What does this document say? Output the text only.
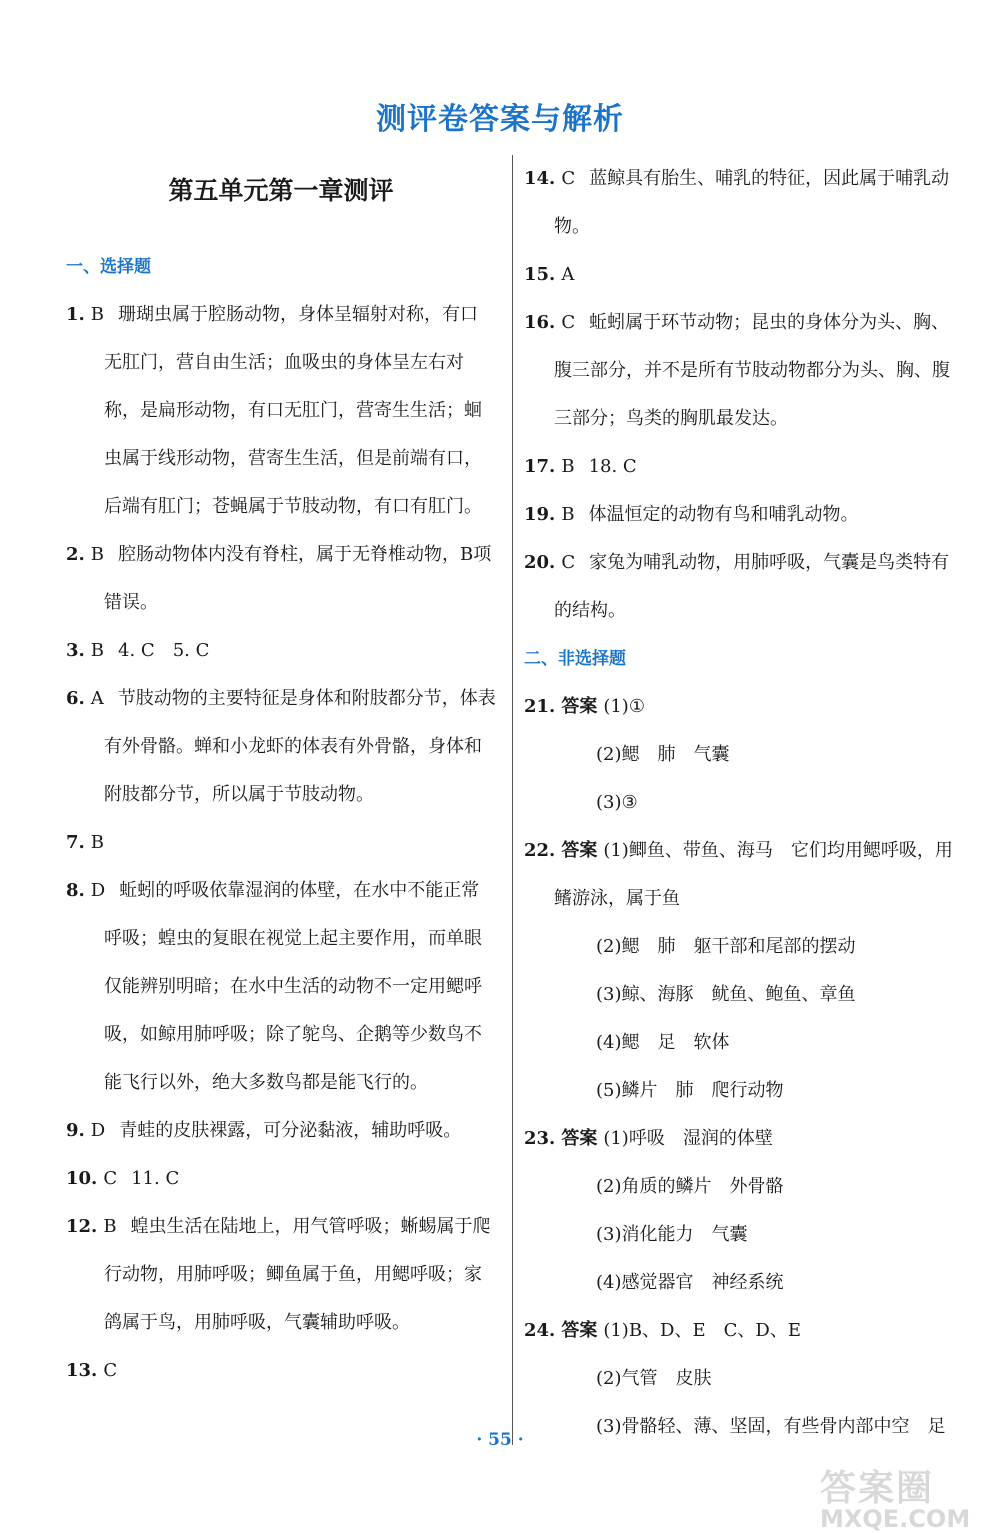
测评卷答案与解析
第五单元第一章测评
一、选择题
1. B 珊瑚虫属于腔肠动物，身体呈辐射对称，有口无肛门，营自由生活；血吸虫的身体呈左右对称，是扁形动物，有口无肛门，营寄生生活；蛔虫属于线形动物，营寄生生活，但是前端有口，后端有肛门；苍蝇属于节肢动物，有口有肛门。
2. B 腔肠动物体内没有脊柱，属于无脊椎动物，B项错误。
3. B 4. C　5. C
6. A 节肢动物的主要特征是身体和附肢都分节，体表有外骨骼。蝉和小龙虾的体表有外骨骼，身体和附肢都分节，所以属于节肢动物。
7. B
8. D 蚯蚓的呼吸依靠湿润的体壁，在水中不能正常呼吸；蝗虫的复眼在视觉上起主要作用，而单眼仅能辨别明暗；在水中生活的动物不一定用鳃呼吸，如鲸用肺呼吸；除了鸵鸟、企鹅等少数鸟不能飞行以外，绝大多数鸟都是能飞行的。
9. D 青蛙的皮肤裸露，可分泌黏液，辅助呼吸。
10. C 11. C
12. B 蝗虫生活在陆地上，用气管呼吸；蜥蜴属于爬行动物，用肺呼吸；鲫鱼属于鱼，用鳃呼吸；家鸽属于鸟，用肺呼吸，气囊辅助呼吸。
13. C
14. C 蓝鲸具有胎生、哺乳的特征，因此属于哺乳动物。
15. A
16. C 蚯蚓属于环节动物；昆虫的身体分为头、胸、腹三部分，并不是所有节肢动物都分为头、胸、腹三部分；鸟类的胸肌最发达。
17. B 18. C
19. B 体温恒定的动物有鸟和哺乳动物。
20. C 家兔为哺乳动物，用肺呼吸，气囊是鸟类特有的结构。
二、非选择题
21. 答案 (1)①
(2)鳃　肺　气囊
(3)③
22. 答案 (1)鲫鱼、带鱼、海马　它们均用鳃呼吸，用鳍游泳，属于鱼
(2)鳃　肺　躯干部和尾部的摆动
(3)鲸、海豚　鱿鱼、鲍鱼、章鱼
(4)鳃　足　软体
(5)鳞片　肺　爬行动物
23. 答案 (1)呼吸　湿润的体壁
(2)角质的鳞片　外骨骼
(3)消化能力　气囊
(4)感觉器官　神经系统
24. 答案 (1)B、D、E　C、D、E
(2)气管　皮肤
(3)骨骼轻、薄、坚固，有些骨内部中空　足
· 55 ·
答案圈
MXQE.COM
